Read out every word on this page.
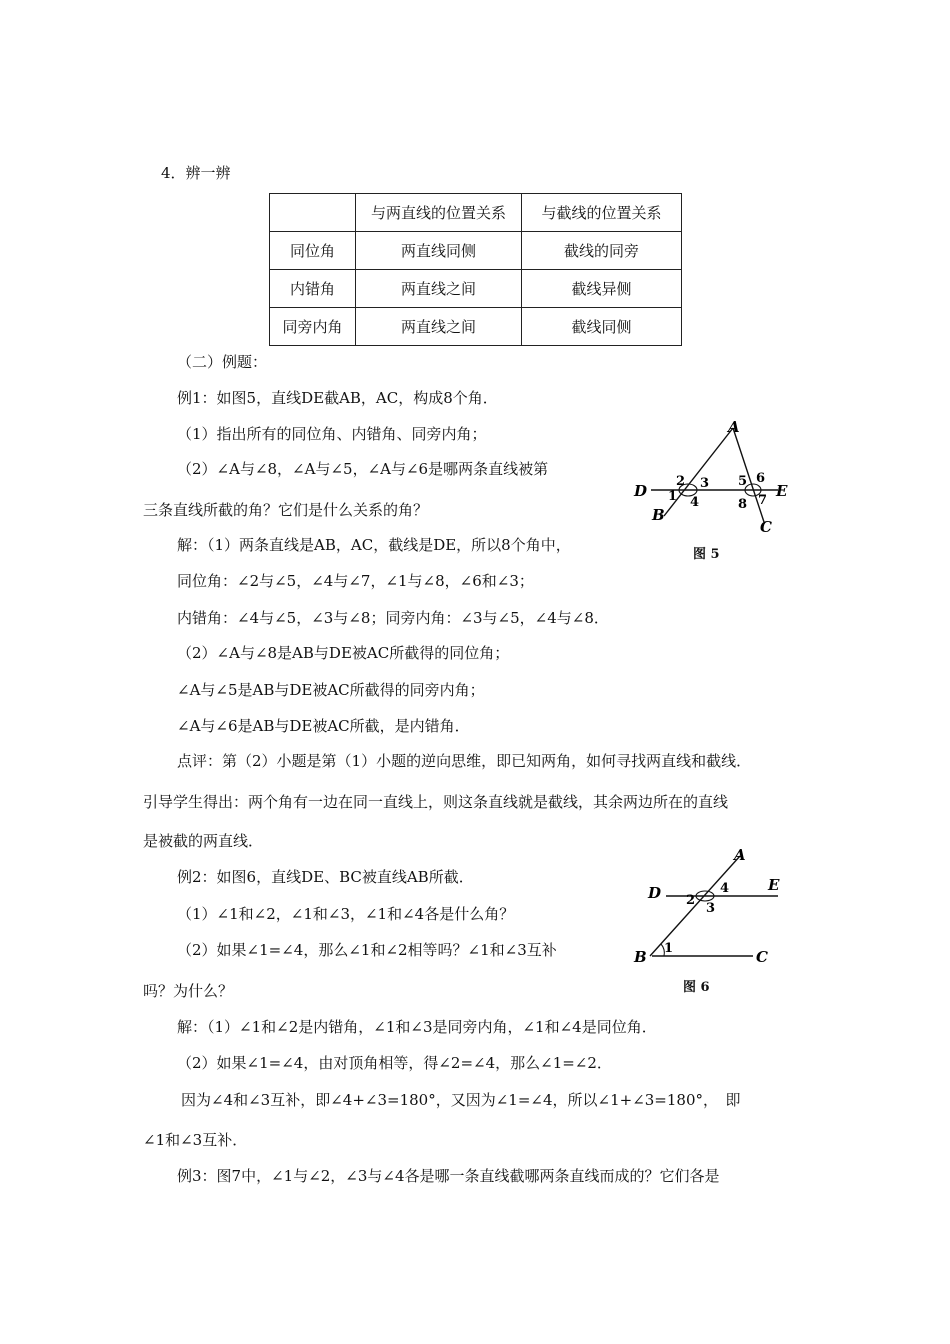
4．辨一辨
	与两直线的位置关系	与截线的位置关系
同位角	两直线同侧	截线的同旁
内错角	两直线之间	截线异侧
同旁内角	两直线之间	截线同侧
（二）例题：
例1：如图5，直线DE截AB，AC，构成8个角．
（1）指出所有的同位角、内错角、同旁内角；
（2）∠A与∠8，∠A与∠5，∠A与∠6是哪两条直线被第
三条直线所截的角？它们是什么关系的角？
解：（1）两条直线是AB，AC，截线是DE，所以8个角中，
同位角：∠2与∠5，∠4与∠7，∠1与∠8，∠6和∠3；
内错角：∠4与∠5，∠3与∠8；同旁内角：∠3与∠5，∠4与∠8．
（2）∠A与∠8是AB与DE被AC所截得的同位角；
∠A与∠5是AB与DE被AC所截得的同旁内角；
∠A与∠6是AB与DE被AC所截，是内错角．
点评：第（2）小题是第（1）小题的逆向思维，即已知两角，如何寻找两直线和截线．
引导学生得出：两个角有一边在同一直线上，则这条直线就是截线，其余两边所在的直线
是被截的两直线．
例2：如图6，直线DE、BC被直线AB所截．
（1）∠1和∠2，∠1和∠3，∠1和∠4各是什么角？
（2）如果∠1=∠4，那么∠1和∠2相等吗？∠1和∠3互补
吗？为什么？
解：（1）∠1和∠2是内错角，∠1和∠3是同旁内角，∠1和∠4是同位角．
（2）如果∠1=∠4，由对顶角相等，得∠2=∠4，那么∠1=∠2．
因为∠4和∠3互补，即∠4+∠3=180°，又因为∠1=∠4，所以∠1+∠3=180°，　即
∠1和∠3互补．
例3：图7中，∠1与∠2，∠3与∠4各是哪一条直线截哪两条直线而成的？它们各是
A
D	E
B
C
2 3
1 4
5 6
8 7
图 5
A
D	E
B	C
4
2
3
1
图 6
